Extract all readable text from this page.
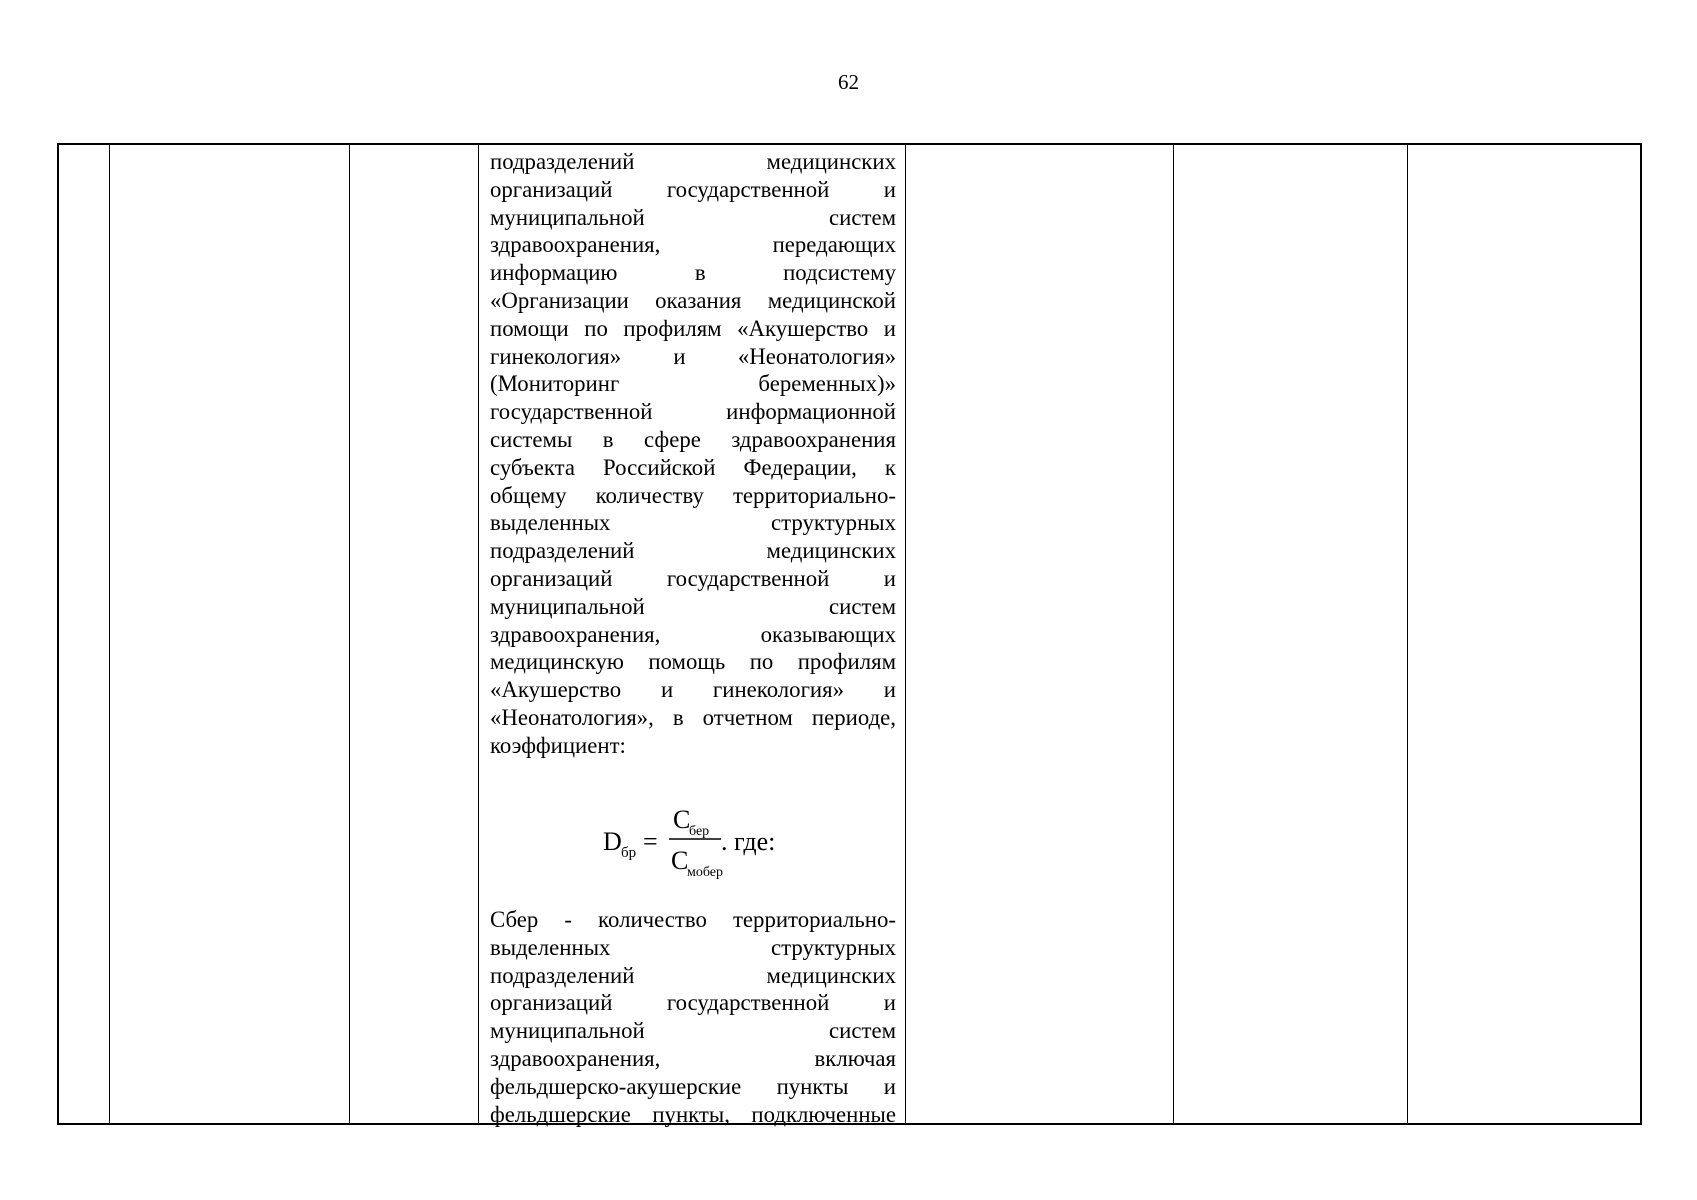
62
подразделений медицинских
организаций государственной и
муниципальной систем
здравоохранения, передающих
информацию в подсистему
«Организации оказания медицинской
помощи по профилям «Акушерство и
гинекология» и «Неонатология»
(Мониторинг беременных)»
государственной информационной
системы в сфере здравоохранения
субъекта Российской Федерации, к
общему количеству территориально-
выделенных структурных
подразделений медицинских
организаций государственной и
муниципальной систем
здравоохранения, оказывающих
медицинскую помощь по профилям
«Акушерство и гинекология» и
«Неонатология», в отчетном периоде,
коэффициент:
D бр =
C
бер
C
мобер
. где:
Сбер - количество территориально-
выделенных структурных
подразделений медицинских
организаций государственной и
муниципальной систем
здравоохранения, включая
фельдшерско-акушерские пункты и
фельдшерские пункты, подключенные
